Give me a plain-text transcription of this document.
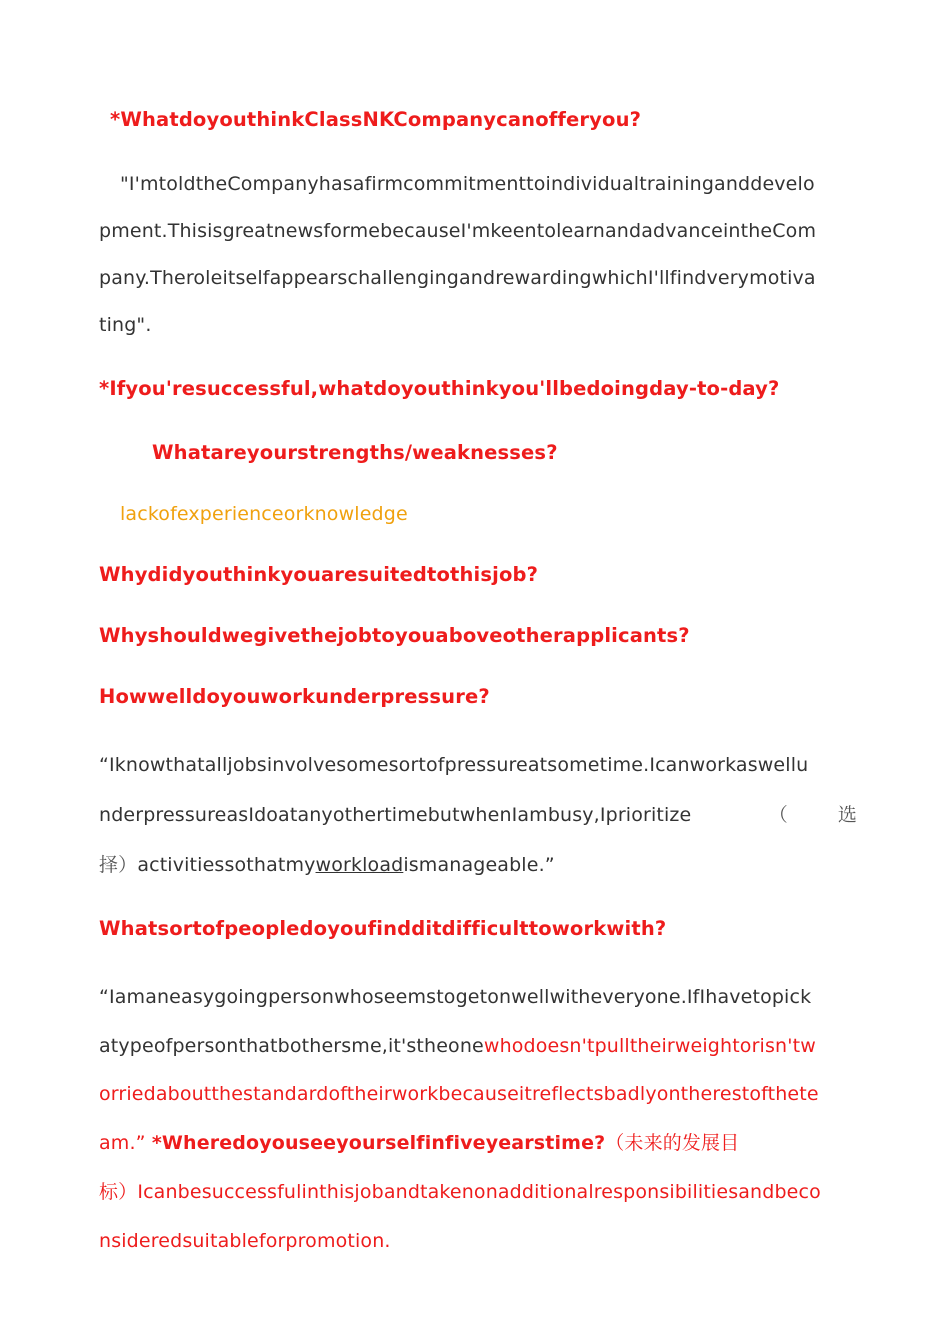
*WhatdoyouthinkClassNKCompanycanofferyou?
"I'mtoldtheCompanyhasafirmcommitmenttoindividualtraininganddevelo
pment.ThisisgreatnewsformebecauseI'mkeentolearnandadvanceintheCom
pany.TheroleitselfappearschallengingandrewardingwhichI'llfindverymotiva
ting".
*Ifyou'resuccessful,whatdoyouthinkyou'llbedoingday-to-day?
Whatareyourstrengths/weaknesses?
lackofexperienceorknowledge
Whydidyouthinkyouaresuitedtothisjob?
Whyshouldwegivethejobtoyouaboveotherapplicants?
Howwelldoyouworkunderpressure?
“Iknowthatalljobsinvolvesomesortofpressureatsometime.Icanworkaswellu
nderpressureasIdoatanyothertimebutwhenIambusy,Iprioritize	（	选
择）activitiessothatmyworkloadismanageable.”
Whatsortofpeopledoyoufindditdifficulttoworkwith?
“Iamaneasygoingpersonwhoseemstogetonwellwitheveryone.IfIhavetopick
atypeofpersonthatbothersme,it'stheonewhodoesn'tpulltheirweightorisn'tw
orriedaboutthestandardoftheirworkbecauseitreflectsbadlyontherestofthete
am.” *Wheredoyouseeyourselfinfiveyearstime?（未来的发展目
标）Icanbesuccessfulinthisjobandtakenonadditionalresponsibilitiesandbeco
nsideredsuitableforpromotion.
